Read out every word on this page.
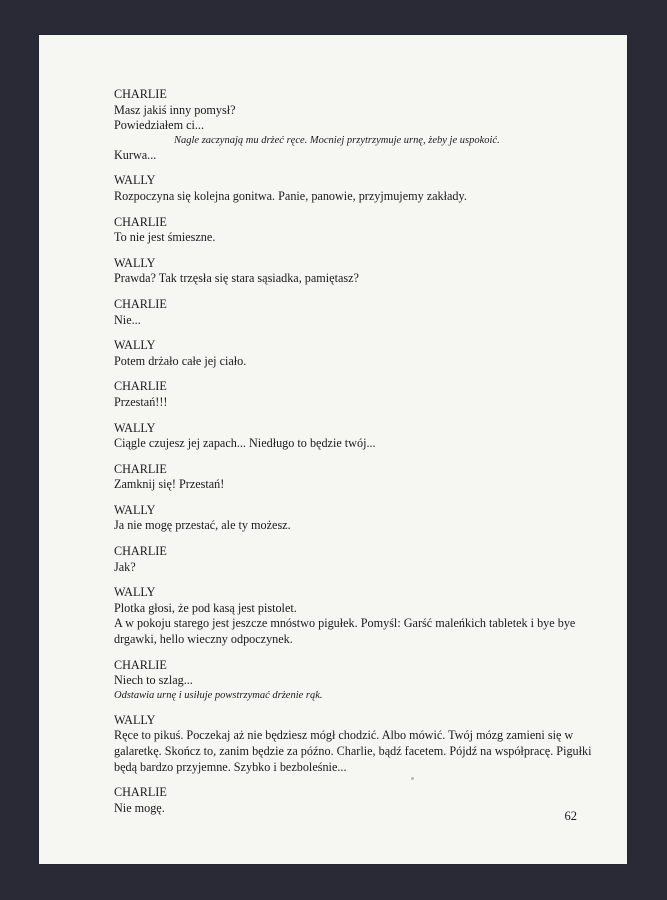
CHARLIE
Masz jakiś inny pomysł?
Powiedziałem ci...
Nagle zaczynają mu drżeć ręce. Mocniej przytrzymuje urnę, żeby je uspokoić.
Kurwa...
WALLY
Rozpoczyna się kolejna gonitwa. Panie, panowie, przyjmujemy zakłady.
CHARLIE
To nie jest śmieszne.
WALLY
Prawda? Tak trzęsła się stara sąsiadka, pamiętasz?
CHARLIE
Nie...
WALLY
Potem drżało całe jej ciało.
CHARLIE
Przestań!!!
WALLY
Ciągle czujesz jej zapach... Niedługo to będzie twój...
CHARLIE
Zamknij się! Przestań!
WALLY
Ja nie mogę przestać, ale ty możesz.
CHARLIE
Jak?
WALLY
Plotka głosi, że pod kasą jest pistolet.
A w pokoju starego jest jeszcze mnóstwo pigułek. Pomyśl: Garść maleńkich tabletek i bye bye drgawki, hello wieczny odpoczynek.
CHARLIE
Niech to szlag...
Odstawia urnę i usiłuje powstrzymać drżenie rąk.
WALLY
Ręce to pikuś. Poczekaj aż nie będziesz mógł chodzić. Albo mówić. Twój mózg zamieni się w galaretkę. Skończ to, zanim będzie za późno. Charlie, bądź facetem. Pójdź na współpracę. Pigułki będą bardzo przyjemne. Szybko i bezboleśnie...
CHARLIE
Nie mogę.
62
